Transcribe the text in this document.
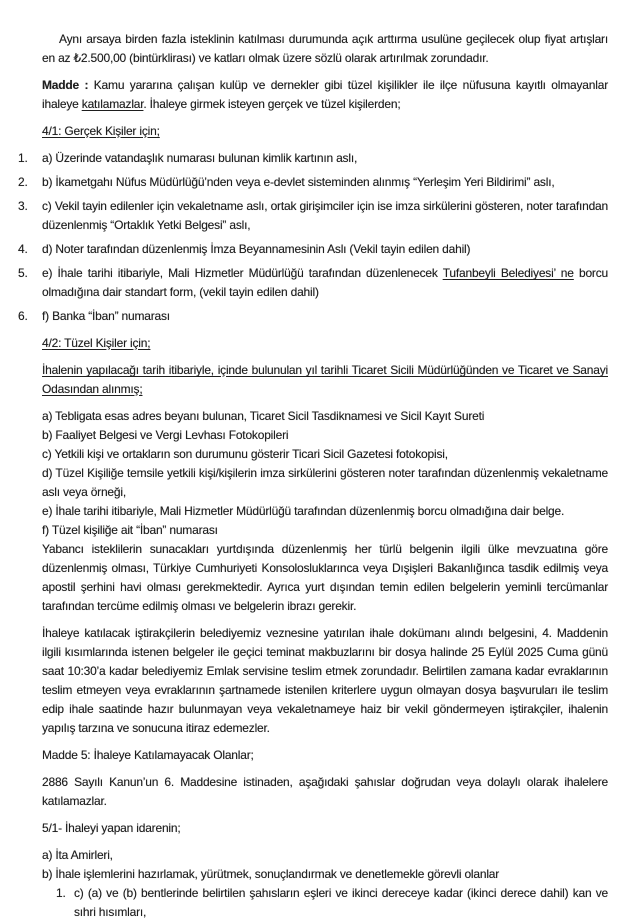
Aynı arsaya birden fazla isteklinin katılması durumunda açık arttırma usulüne geçilecek olup fiyat artışları en az ₺2.500,00 (bintürklirası) ve katları olmak üzere sözlü olarak artırılmak zorundadır.
Madde : Kamu yararına çalışan kulüp ve dernekler gibi tüzel kişilikler ile ilçe nüfusuna kayıtlı olmayanlar ihaleye katılamazlar. İhaleye girmek isteyen gerçek ve tüzel kişilerden;
4/1: Gerçek Kişiler için;
1.	a) Üzerinde vatandaşlık numarası bulunan kimlik kartının aslı,
2.	b) İkametgahı Nüfus Müdürlüğü’nden veya e-devlet sisteminden alınmış “Yerleşim Yeri Bildirimi” aslı,
3.	c) Vekil tayin edilenler için vekaletname aslı, ortak girişimciler için ise imza sirkülerini gösteren, noter tarafından düzenlenmiş “Ortaklık Yetki Belgesi” aslı,
4.	d) Noter tarafından düzenlenmiş İmza Beyannamesinin Aslı (Vekil tayin edilen dahil)
5.	e) İhale tarihi itibariyle, Mali Hizmetler Müdürlüğü tarafından düzenlenecek Tufanbeyli Belediyesi’ ne borcu olmadığına dair standart form, (vekil tayin edilen dahil)
6.	f) Banka “İban” numarası
4/2: Tüzel Kişiler için;
İhalenin yapılacağı tarih itibariyle, içinde bulunulan yıl tarihli Ticaret Sicili Müdürlüğünden ve Ticaret ve Sanayi Odasından alınmış;
a) Tebligata esas adres beyanı bulunan, Ticaret Sicil Tasdiknamesi ve Sicil Kayıt Sureti
b) Faaliyet Belgesi ve Vergi Levhası Fotokopileri
c) Yetkili kişi ve ortakların son durumunu gösterir Ticari Sicil Gazetesi fotokopisi,
d) Tüzel Kişiliğe temsile yetkili kişi/kişilerin imza sirkülerini gösteren noter tarafından düzenlenmiş vekaletname aslı veya örneği,
e) İhale tarihi itibariyle, Mali Hizmetler Müdürlüğü tarafından düzenlenmiş borcu olmadığına dair belge.
f) Tüzel kişiliğe ait “İban” numarası
Yabancı isteklilerin sunacakları yurtdışında düzenlenmiş her türlü belgenin ilgili ülke mevzuatına göre düzenlenmiş olması, Türkiye Cumhuriyeti Konsolosluklarınca veya Dışişleri Bakanlığınca tasdik edilmiş veya apostil şerhini havi olması gerekmektedir. Ayrıca yurt dışından temin edilen belgelerin yeminli tercümanlar tarafından tercüme edilmiş olması ve belgelerin ibrazı gerekir.
İhaleye katılacak iştirakçilerin belediyemiz veznesine yatırılan ihale dokümanı alındı belgesini, 4. Maddenin ilgili kısımlarında istenen belgeler ile geçici teminat makbuzlarını bir dosya halinde 25 Eylül 2025 Cuma günü saat 10:30’a kadar belediyemiz Emlak servisine teslim etmek zorundadır. Belirtilen zamana kadar evraklarının teslim etmeyen veya evraklarının şartnamede istenilen kriterlere uygun olmayan dosya başvuruları ile teslim edip ihale saatinde hazır bulunmayan veya vekaletnameye haiz bir vekil göndermeyen iştirakçiler, ihalenin yapılış tarzına ve sonucuna itiraz edemezler.
Madde 5: İhaleye Katılamayacak Olanlar;
2886 Sayılı Kanun’un 6. Maddesine istinaden, aşağıdaki şahıslar doğrudan veya dolaylı olarak ihalelere katılamazlar.
5/1- İhaleyi yapan idarenin;
a) İta Amirleri,
b) İhale işlemlerini hazırlamak, yürütmek, sonuçlandırmak ve denetlemekle görevli olanlar
1. c) (a) ve (b) bentlerinde belirtilen şahısların eşleri ve ikinci dereceye kadar (ikinci derece dahil) kan ve sıhri hısımları,
